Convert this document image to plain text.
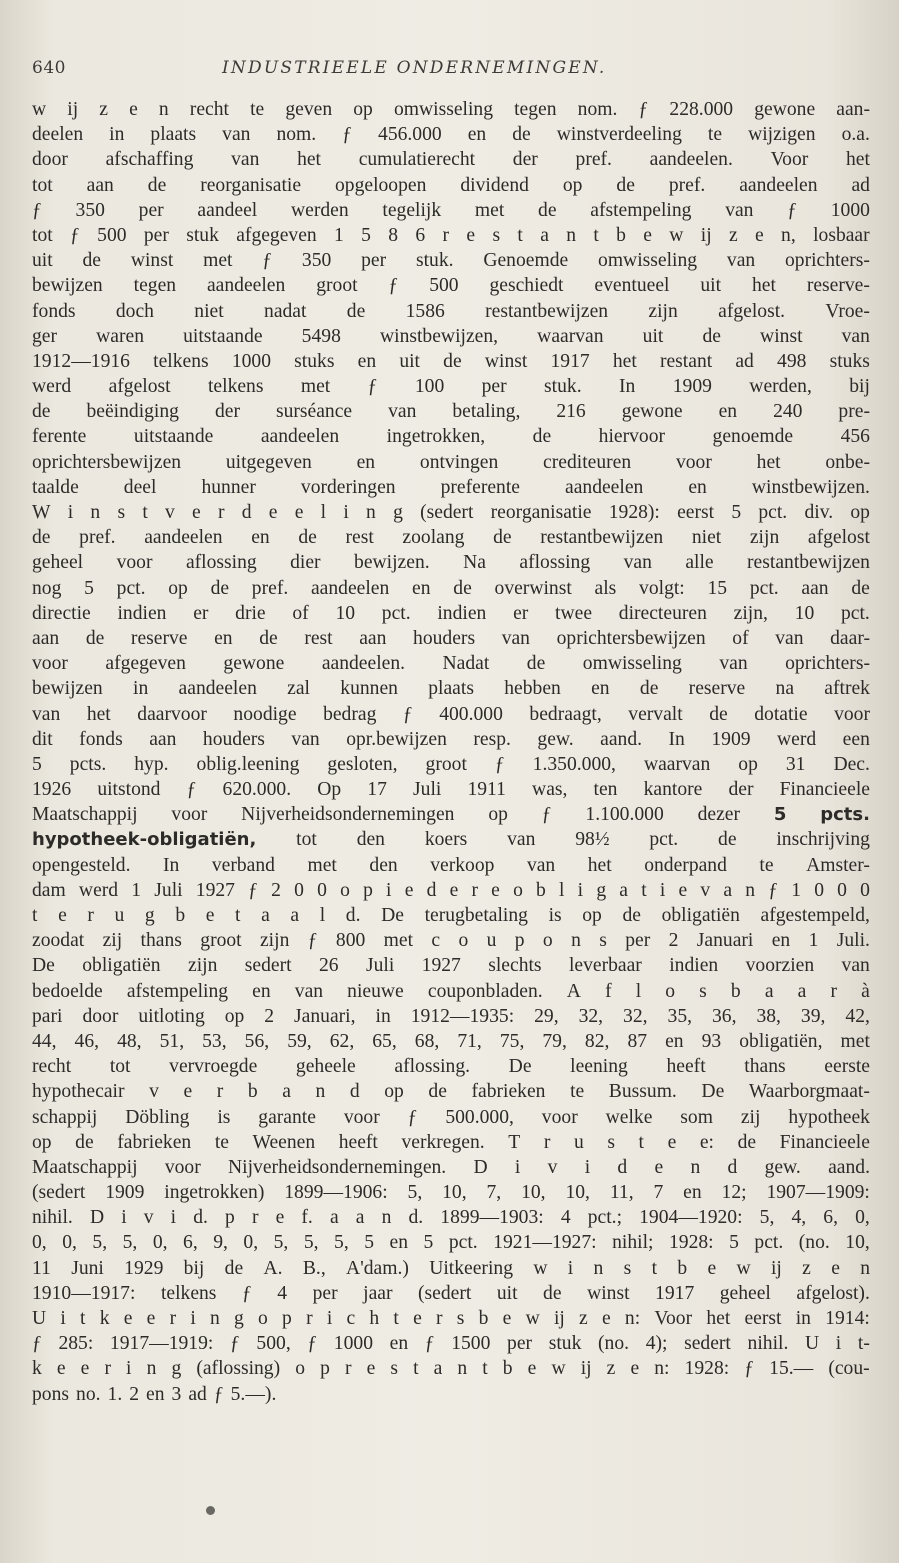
640	INDUSTRIEELE ONDERNEMINGEN.
w ij z e n recht te geven op omwisseling tegen nom. ƒ 228.000 gewone aan-
deelen in plaats van nom. ƒ 456.000 en de winstverdeeling te wijzigen o.a.
door afschaffing van het cumulatierecht der pref. aandeelen. Voor het
tot aan de reorganisatie opgeloopen dividend op de pref. aandeelen ad
ƒ 350 per aandeel werden tegelijk met de afstempeling van ƒ 1000
tot ƒ 500 per stuk afgegeven 1 5 8 6 r e s t a n t b e w ij z e n, losbaar
uit de winst met ƒ 350 per stuk. Genoemde omwisseling van oprichters-
bewijzen tegen aandeelen groot ƒ 500 geschiedt eventueel uit het reserve-
fonds doch niet nadat de 1586 restantbewijzen zijn afgelost. Vroe-
ger waren uitstaande 5498 winstbewijzen, waarvan uit de winst van
1912—1916 telkens 1000 stuks en uit de winst 1917 het restant ad 498 stuks
werd afgelost telkens met ƒ 100 per stuk. In 1909 werden, bij
de beëindiging der surséance van betaling, 216 gewone en 240 pre-
ferente uitstaande aandeelen ingetrokken, de hiervoor genoemde 456
oprichtersbewijzen uitgegeven en ontvingen crediteuren voor het onbe-
taalde deel hunner vorderingen preferente aandeelen en winstbewijzen.
W i n s t v e r d e e l i n g (sedert reorganisatie 1928): eerst 5 pct. div. op
de pref. aandeelen en de rest zoolang de restantbewijzen niet zijn afgelost
geheel voor aflossing dier bewijzen. Na aflossing van alle restantbewijzen
nog 5 pct. op de pref. aandeelen en de overwinst als volgt: 15 pct. aan de
directie indien er drie of 10 pct. indien er twee directeuren zijn, 10 pct.
aan de reserve en de rest aan houders van oprichtersbewijzen of van daar-
voor afgegeven gewone aandeelen. Nadat de omwisseling van oprichters-
bewijzen in aandeelen zal kunnen plaats hebben en de reserve na aftrek
van het daarvoor noodige bedrag ƒ 400.000 bedraagt, vervalt de dotatie voor
dit fonds aan houders van opr.bewijzen resp. gew. aand. In 1909 werd een
5 pcts. hyp. oblig.leening gesloten, groot ƒ 1.350.000, waarvan op 31 Dec.
1926 uitstond ƒ 620.000. Op 17 Juli 1911 was, ten kantore der Financieele
Maatschappij voor Nijverheidsondernemingen op ƒ 1.100.000 dezer 5 pcts.
hypotheek-obligatiën, tot den koers van 98½ pct. de inschrijving
opengesteld. In verband met den verkoop van het onderpand te Amster-
dam werd 1 Juli 1927 ƒ 2 0 0 o p i e d e r e o b l i g a t i e v a n ƒ 1 0 0 0
t e r u g b e t a a l d. De terugbetaling is op de obligatiën afgestempeld,
zoodat zij thans groot zijn ƒ 800 met c o u p o n s per 2 Januari en 1 Juli.
De obligatiën zijn sedert 26 Juli 1927 slechts leverbaar indien voorzien van
bedoelde afstempeling en van nieuwe couponbladen. A f l o s b a a r à
pari door uitloting op 2 Januari, in 1912—1935: 29, 32, 32, 35, 36, 38, 39, 42,
44, 46, 48, 51, 53, 56, 59, 62, 65, 68, 71, 75, 79, 82, 87 en 93 obligatiën, met
recht tot vervroegde geheele aflossing. De leening heeft thans eerste
hypothecair v e r b a n d op de fabrieken te Bussum. De Waarborgmaat-
schappij Döbling is garante voor ƒ 500.000, voor welke som zij hypotheek
op de fabrieken te Weenen heeft verkregen. T r u s t e e: de Financieele
Maatschappij voor Nijverheidsondernemingen. D i v i d e n d gew. aand.
(sedert 1909 ingetrokken) 1899—1906: 5, 10, 7, 10, 10, 11, 7 en 12; 1907—1909:
nihil. D i v i d. p r e f. a a n d. 1899—1903: 4 pct.; 1904—1920: 5, 4, 6, 0,
0, 0, 5, 5, 0, 6, 9, 0, 5, 5, 5, 5 en 5 pct. 1921—1927: nihil; 1928: 5 pct. (no. 10,
11 Juni 1929 bij de A. B., A'dam.) Uitkeering w i n s t b e w ij z e n
1910—1917: telkens ƒ 4 per jaar (sedert uit de winst 1917 geheel afgelost).
U i t k e e r i n g o p r i c h t e r s b e w ij z e n: Voor het eerst in 1914:
ƒ 285: 1917—1919: ƒ 500, ƒ 1000 en ƒ 1500 per stuk (no. 4); sedert nihil. U i t-
k e e r i n g (aflossing) o p r e s t a n t b e w ij z e n: 1928: ƒ 15.— (cou-
pons no. 1. 2 en 3 ad ƒ 5.—).
